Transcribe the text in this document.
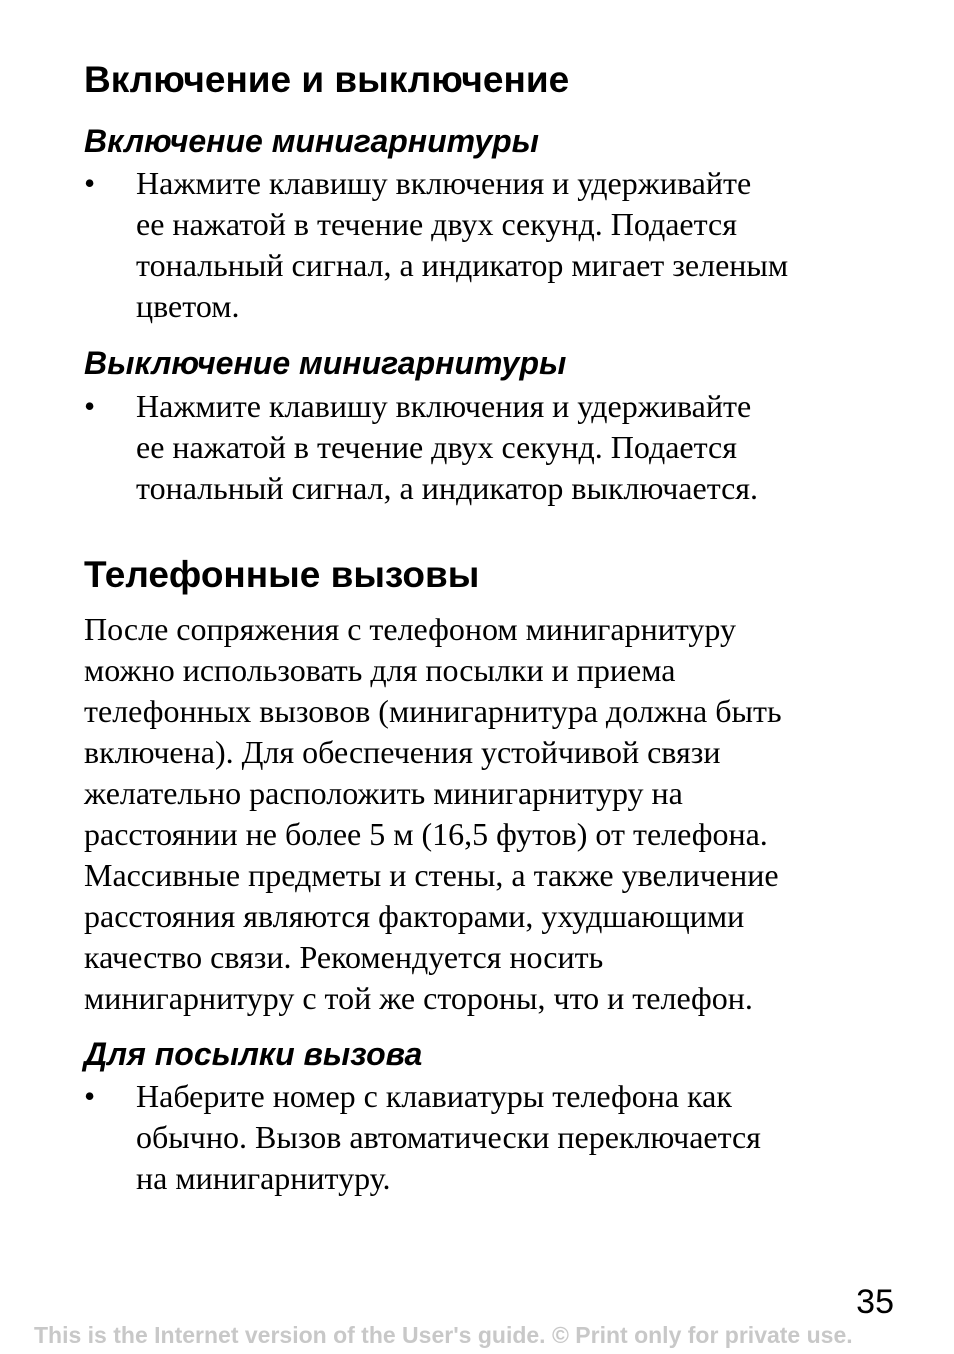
Включение и выключение
Включение минигарнитуры
• Нажмите клавишу включения и удерживайте
ее нажатой в течение двух секунд. Подается
тональный сигнал, а индикатор мигает зеленым
цветом.
Выключение минигарнитуры
• Нажмите клавишу включения и удерживайте
ее нажатой в течение двух секунд. Подается
тональный сигнал, а индикатор выключается.
Телефонные вызовы
После сопряжения с телефоном минигарнитуру
можно использовать для посылки и приема
телефонных вызовов (минигарнитура должна быть
включена). Для обеспечения устойчивой связи
желательно расположить минигарнитуру на
расстоянии не более 5 м (16,5 футов) от телефона.
Массивные предметы и стены, а также увеличение
расстояния являются факторами, ухудшающими
качество связи. Рекомендуется носить
минигарнитуру с той же стороны, что и телефон.
Для посылки вызова
• Наберите номер с клавиатуры телефона как
обычно. Вызов автоматически переключается
на минигарнитуру.
35
This is the Internet version of the User's guide. © Print only for private use.
